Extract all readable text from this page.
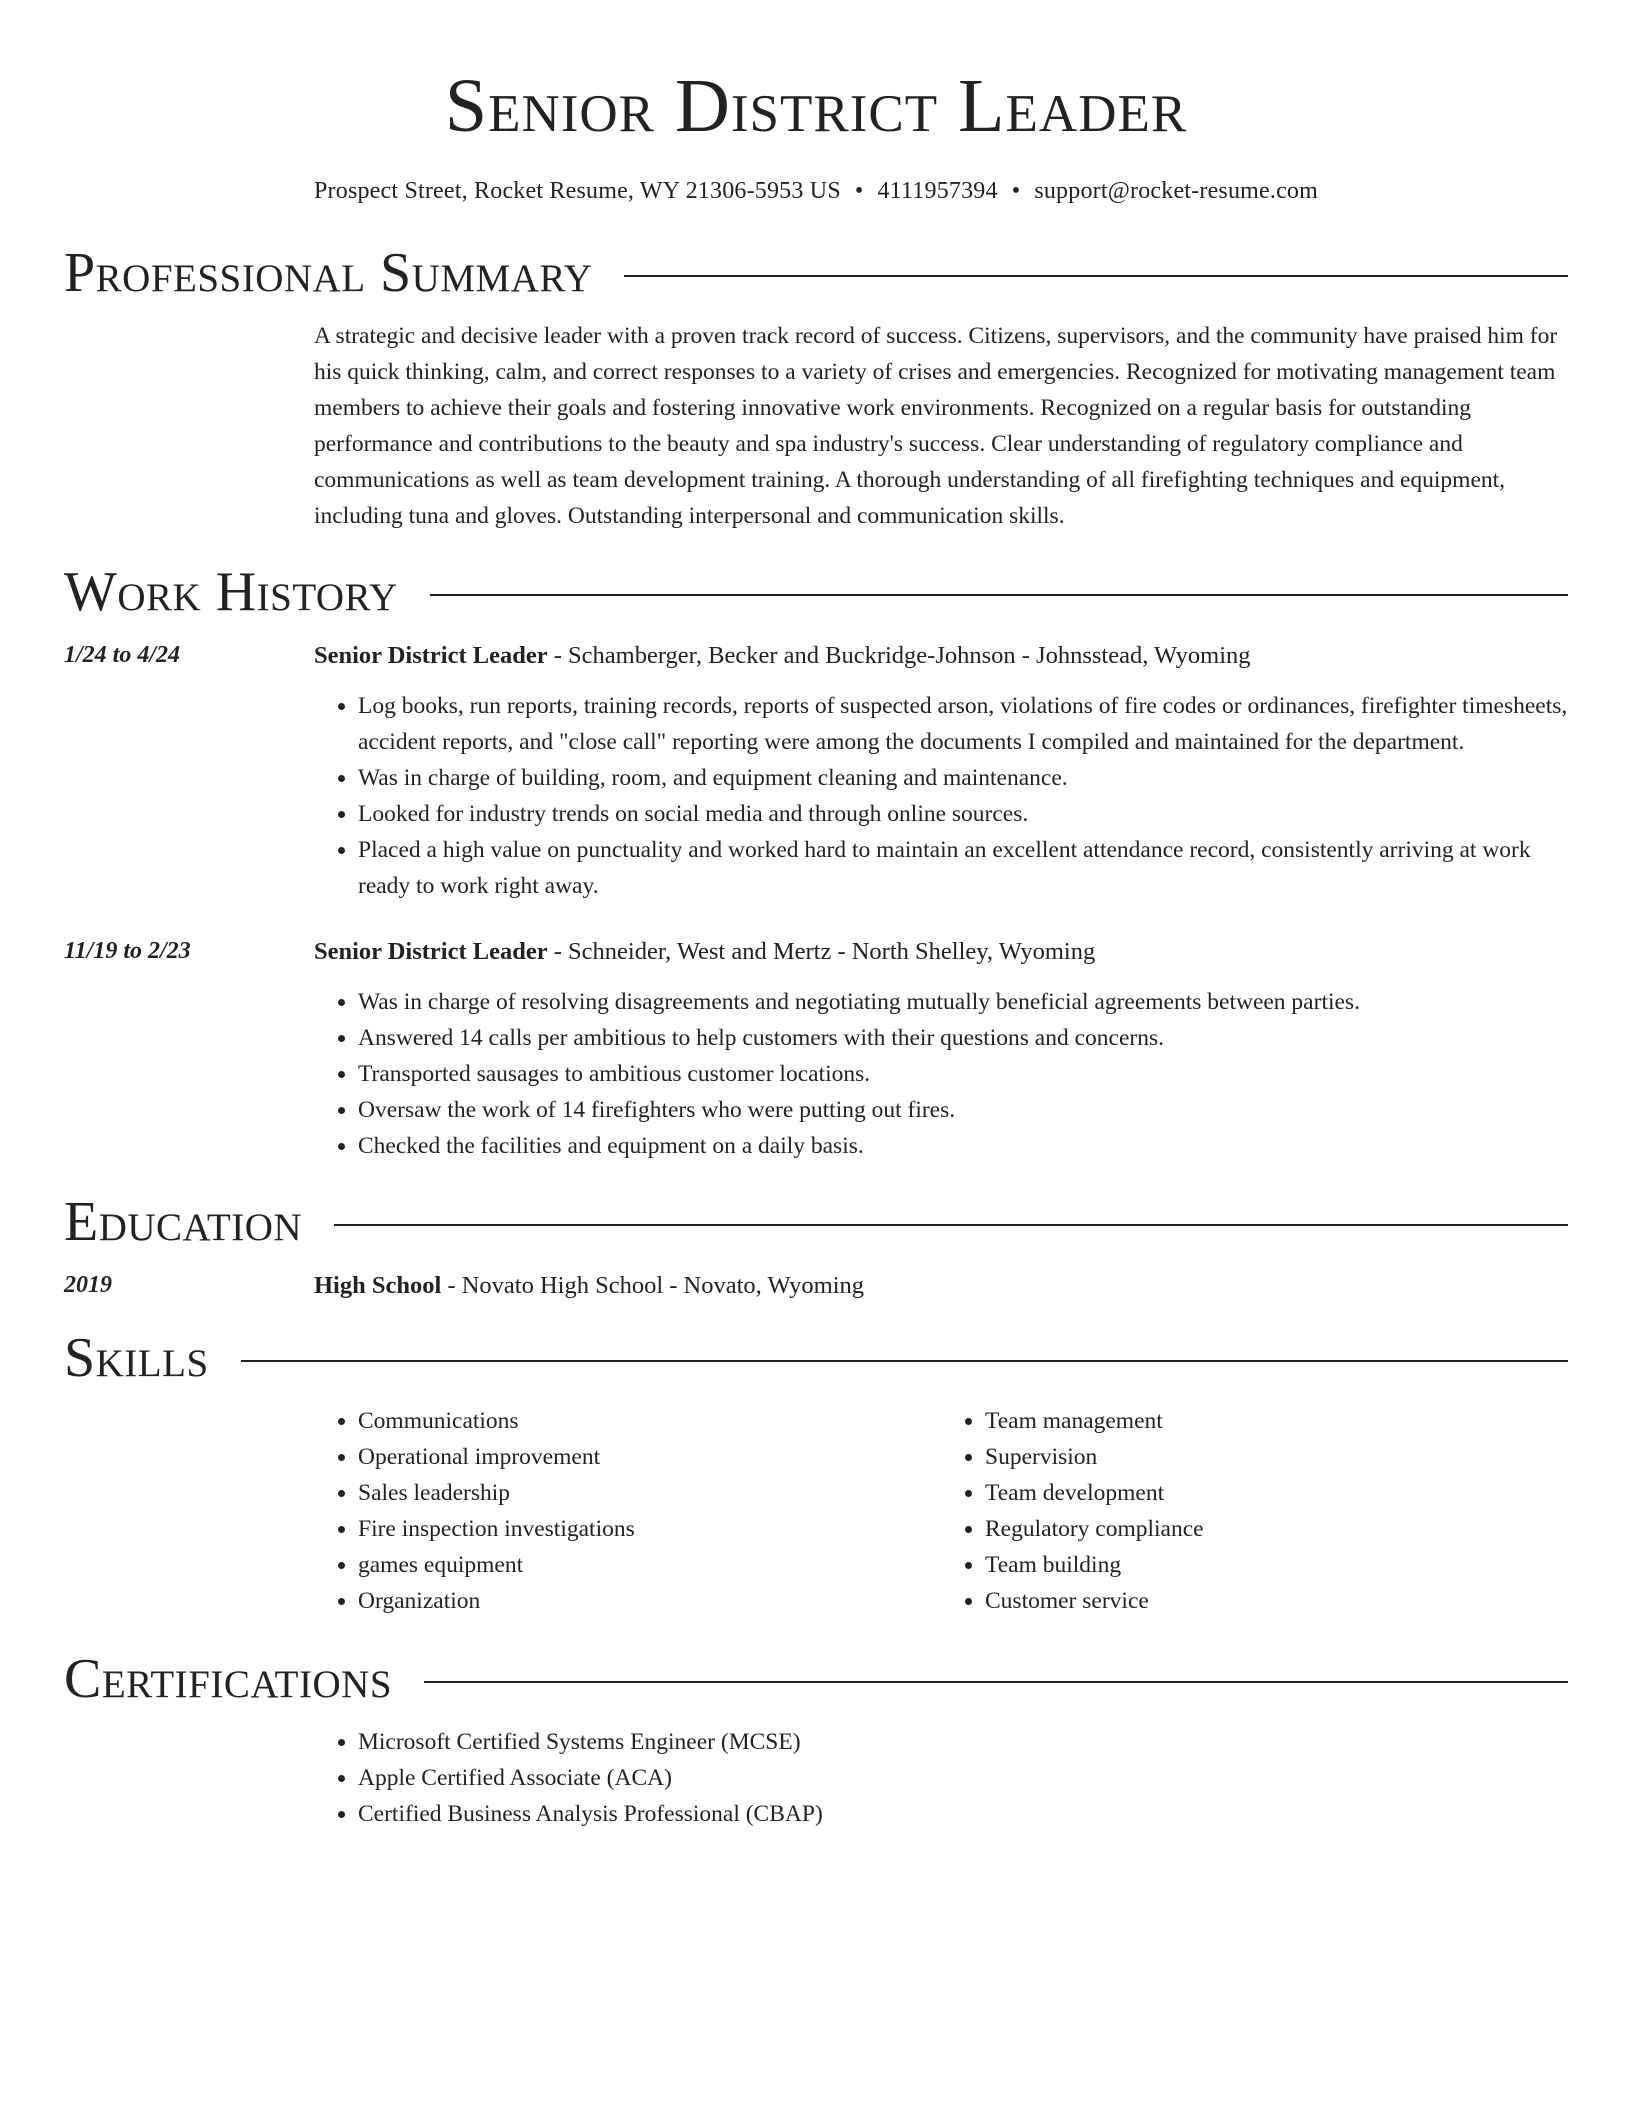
Senior District Leader
Prospect Street, Rocket Resume, WY 21306-5953 US • 4111957394 • support@rocket-resume.com
Professional Summary

A strategic and decisive leader with a proven track record of success. Citizens, supervisors, and the community have praised him for his quick thinking, calm, and correct responses to a variety of crises and emergencies. Recognized for motivating management team members to achieve their goals and fostering innovative work environments. Recognized on a regular basis for outstanding performance and contributions to the beauty and spa industry's success. Clear understanding of regulatory compliance and communications as well as team development training. A thorough understanding of all firefighting techniques and equipment, including tuna and gloves. Outstanding interpersonal and communication skills.

Work History
1/24 to 4/24	Senior District Leader - Schamberger, Becker and Buckridge-Johnson - Johnsstead, Wyoming
• Log books, run reports, training records, reports of suspected arson, violations of fire codes or ordinances, firefighter timesheets, accident reports, and "close call" reporting were among the documents I compiled and maintained for the department.
• Was in charge of building, room, and equipment cleaning and maintenance.
• Looked for industry trends on social media and through online sources.
• Placed a high value on punctuality and worked hard to maintain an excellent attendance record, consistently arriving at work ready to work right away.
11/19 to 2/23	Senior District Leader - Schneider, West and Mertz - North Shelley, Wyoming
• Was in charge of resolving disagreements and negotiating mutually beneficial agreements between parties.
• Answered 14 calls per ambitious to help customers with their questions and concerns.
• Transported sausages to ambitious customer locations.
• Oversaw the work of 14 firefighters who were putting out fires.
• Checked the facilities and equipment on a daily basis.
Education
2019	High School - Novato High School - Novato, Wyoming
Skills
• Communications
• Operational improvement
• Sales leadership
• Fire inspection investigations
• games equipment
• Organization
• Team management
• Supervision
• Team development
• Regulatory compliance
• Team building
• Customer service
Certifications
• Microsoft Certified Systems Engineer (MCSE)
• Apple Certified Associate (ACA)
• Certified Business Analysis Professional (CBAP)
